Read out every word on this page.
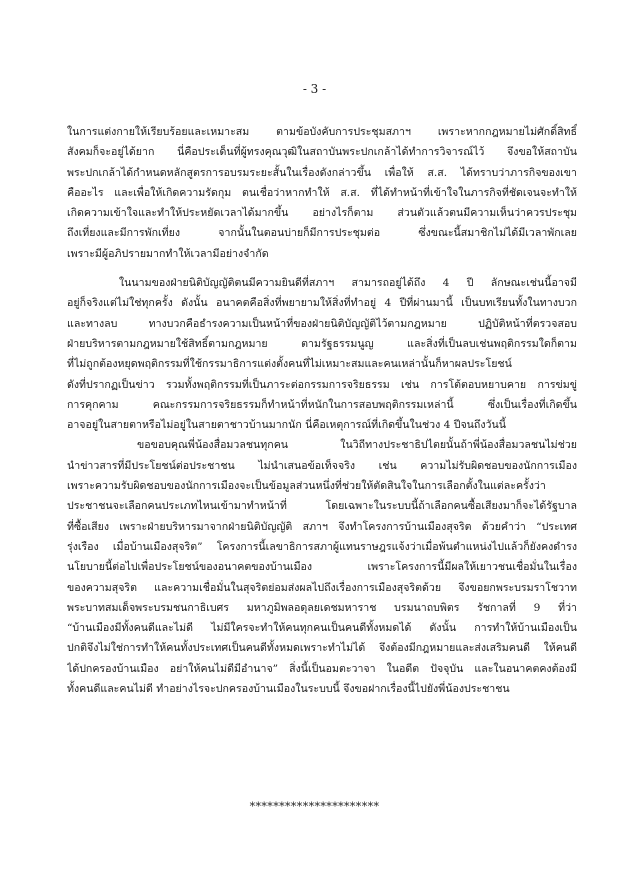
- 3 -
ในการแต่งกายให้เรียบร้อยและเหมาะสม ตามข้อบังคับการประชุมสภาฯ เพราะหากกฎหมายไม่ศักดิ์สิทธิ์
สังคมก็จะอยู่ได้ยาก นี่คือประเด็นที่ผู้ทรงคุณวุฒิในสถาบันพระปกเกล้าได้ทำการวิจารณ์ไว้ จึงขอให้สถาบัน
พระปกเกล้าได้กำหนดหลักสูตรการอบรมระยะสั้นในเรื่องดังกล่าวขึ้น เพื่อให้ ส.ส. ได้ทราบว่าภารกิจของเขา
คืออะไร และเพื่อให้เกิดความรัดกุม ตนเชื่อว่าหากทำให้ ส.ส. ที่ได้ทำหน้าที่เข้าใจในภารกิจที่ชัดเจนจะทำให้
เกิดความเข้าใจและทำให้ประหยัดเวลาได้มากขึ้น อย่างไรก็ตาม ส่วนตัวแล้วตนมีความเห็นว่าควรประชุม
ถึงเที่ยงและมีการพักเที่ยง จากนั้นในตอนบ่ายก็มีการประชุมต่อ ซึ่งขณะนี้สมาชิกไม่ได้มีเวลาพักเลย
เพราะมีผู้อภิปรายมากทำให้เวลามีอย่างจำกัด
ในนามของฝ่ายนิติบัญญัติตนมีความยินดีที่สภาฯ สามารถอยู่ได้ถึง 4 ปี ลักษณะเช่นนี้อาจมี
อยู่ก็จริงแต่ไม่ใช่ทุกครั้ง ดังนั้น อนาคตคือสิ่งที่พยายามให้สิ่งที่ทำอยู่ 4 ปีที่ผ่านมานี้ เป็นบทเรียนทั้งในทางบวก
และทางลบ ทางบวกคือธำรงความเป็นหน้าที่ของฝ่ายนิติบัญญัติไว้ตามกฎหมาย ปฏิบัติหน้าที่ตรวจสอบ
ฝ่ายบริหารตามกฎหมายใช้สิทธิ์ตามกฎหมาย ตามรัฐธรรมนูญ และสิ่งที่เป็นลบเช่นพฤติกรรมใดก็ตาม
ที่ไม่ถูกต้องหยุดพฤติกรรมที่ใช้กรรมาธิการแต่งตั้งคนที่ไม่เหมาะสมและคนเหล่านั้นก็หาผลประโยชน์
ดังที่ปรากฏเป็นข่าว รวมทั้งพฤติกรรมที่เป็นภาระต่อกรรมการจริยธรรม เช่น การโต้ตอบหยาบคาย การข่มขู่
การคุกคาม คณะกรรมการจริยธรรมก็ทำหน้าที่หนักในการสอบพฤติกรรมเหล่านี้ ซึ่งเป็นเรื่องที่เกิดขึ้น
อาจอยู่ในสายตาหรือไม่อยู่ในสายตาชาวบ้านมากนัก นี่คือเหตุการณ์ที่เกิดขึ้นในช่วง 4 ปีจนถึงวันนี้
ขอขอบคุณพี่น้องสื่อมวลชนทุกคน ในวิถีทางประชาธิปไตยนั้นถ้าพี่น้องสื่อมวลชนไม่ช่วย
นำข่าวสารที่มีประโยชน์ต่อประชาชน ไม่นำเสนอข้อเท็จจริง เช่น ความไม่รับผิดชอบของนักการเมือง
เพราะความรับผิดชอบของนักการเมืองจะเป็นข้อมูลส่วนหนึ่งที่ช่วยให้ตัดสินใจในการเลือกตั้งในแต่ละครั้งว่า
ประชาชนจะเลือกคนประเภทไหนเข้ามาทำหน้าที่ โดยเฉพาะในระบบนี้ถ้าเลือกคนซื้อเสียงมาก็จะได้รัฐบาล
ที่ซื้อเสียง เพราะฝ่ายบริหารมาจากฝ่ายนิติบัญญัติ สภาฯ จึงทำโครงการบ้านเมืองสุจริต ด้วยคำว่า “ประเทศ
รุ่งเรือง เมื่อบ้านเมืองสุจริต” โครงการนี้เลขาธิการสภาผู้แทนราษฎรแจ้งว่าเมื่อพ้นตำแหน่งไปแล้วก็ยังคงดำรง
นโยบายนี้ต่อไปเพื่อประโยชน์ของอนาคตของบ้านเมือง เพราะโครงการนี้มีผลให้เยาวชนเชื่อมั่นในเรื่อง
ของความสุจริต และความเชื่อมั่นในสุจริตย่อมส่งผลไปถึงเรื่องการเมืองสุจริตด้วย จึงขอยกพระบรมราโชวาท
พระบาทสมเด็จพระบรมชนกาธิเบศร มหาภูมิพลอดุลยเดชมหาราช บรมนาถบพิตร รัชกาลที่ 9 ที่ว่า
“บ้านเมืองมีทั้งคนดีและไม่ดี ไม่มีใครจะทำให้คนทุกคนเป็นคนดีทั้งหมดได้ ดังนั้น การทำให้บ้านเมืองเป็น
ปกติจึงไม่ใช่การทำให้คนทั้งประเทศเป็นคนดีทั้งหมดเพราะทำไม่ได้ จึงต้องมีกฎหมายและส่งเสริมคนดี ให้คนดี
ได้ปกครองบ้านเมือง อย่าให้คนไม่ดีมีอำนาจ” สิ่งนี้เป็นอมตะวาจา ในอดีต ปัจจุบัน และในอนาคตคงต้องมี
ทั้งคนดีและคนไม่ดี ทำอย่างไรจะปกครองบ้านเมืองในระบบนี้ จึงขอฝากเรื่องนี้ไปยังพี่น้องประชาชน
**********************
